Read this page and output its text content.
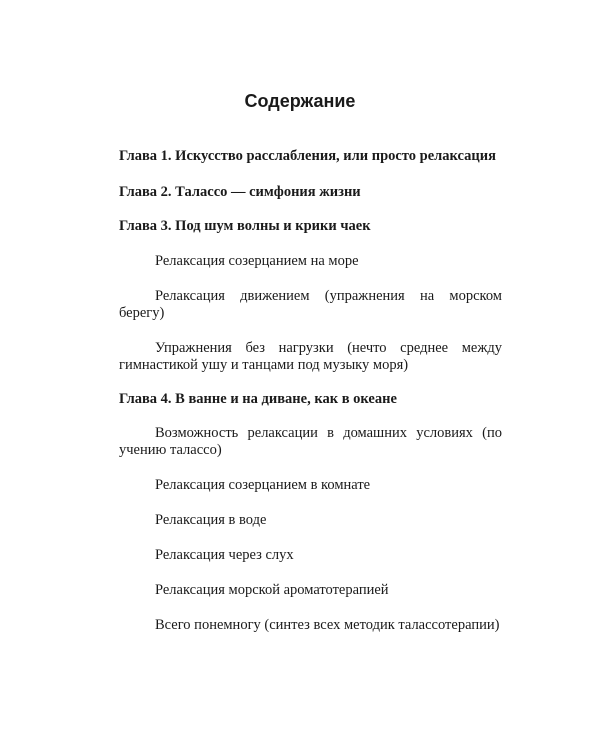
Содержание

Глава 1. Искусство расслабления, или просто релаксация

Глава 2. Талассо — симфония жизни

Глава 3. Под шум волны и крики чаек

Релаксация созерцанием на море

Релаксация движением (упражнения на морском берегу)

Упражнения без нагрузки (нечто среднее между гимнастикой ушу и танцами под музыку моря)

Глава 4. В ванне и на диване, как в океане

Возможность релаксации в домашних условиях (по учению талассо)

Релаксация созерцанием в комнате

Релаксация в воде

Релаксация через слух

Релаксация морской ароматотерапией

Всего понемногу (синтез всех методик талассотерапии)
